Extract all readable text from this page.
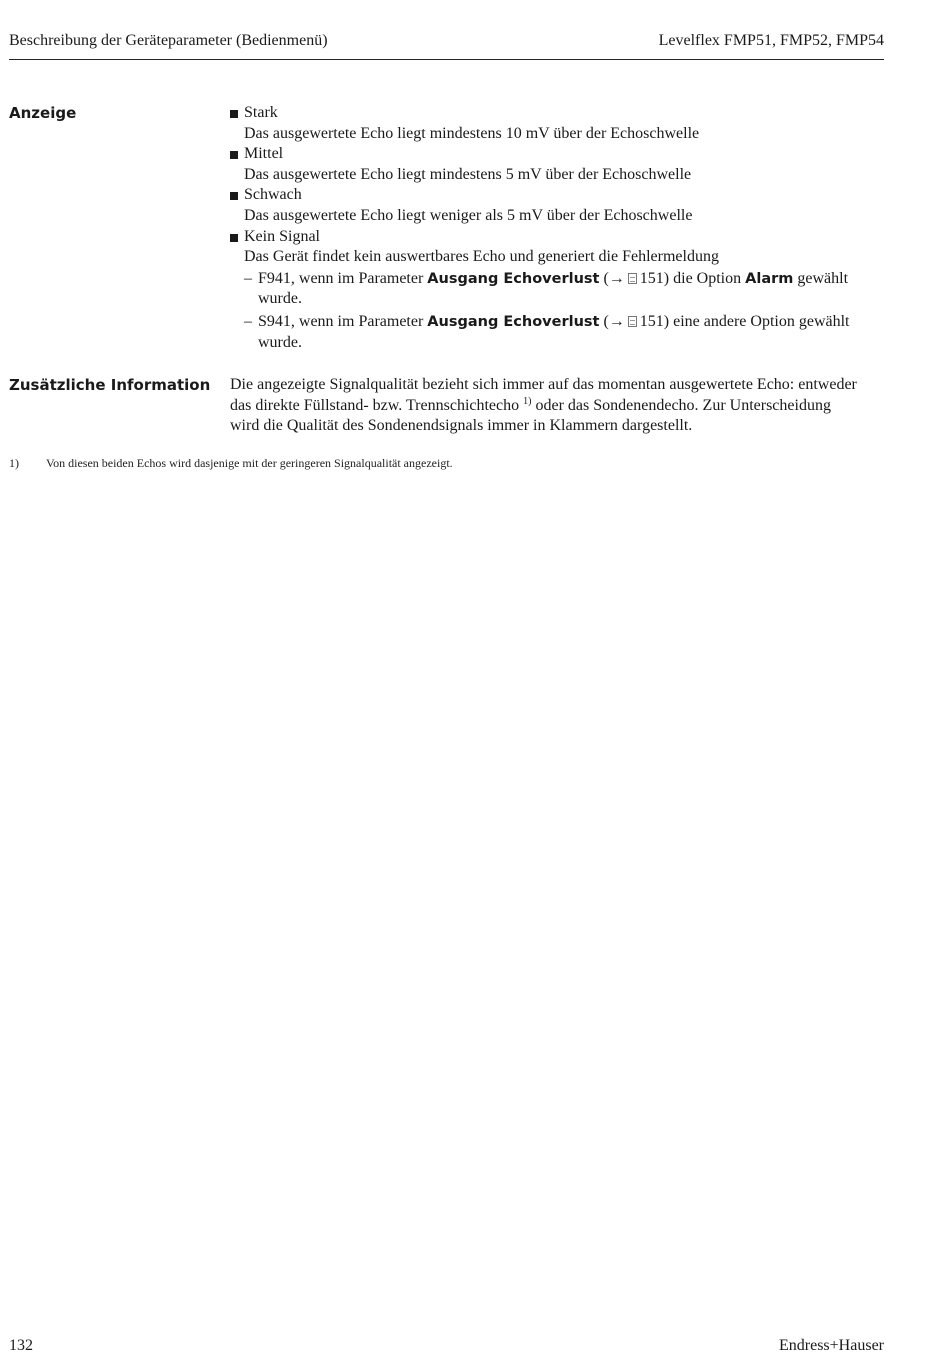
Beschreibung der Geräteparameter (Bedienmenü)	Levelflex FMP51, FMP52, FMP54
Anzeige	Stark
Das ausgewertete Echo liegt mindestens 10 mV über der Echoschwelle
Mittel
Das ausgewertete Echo liegt mindestens 5 mV über der Echoschwelle
Schwach
Das ausgewertete Echo liegt weniger als 5 mV über der Echoschwelle
Kein Signal
Das Gerät findet kein auswertbares Echo und generiert die Fehlermeldung
– F941, wenn im Parameter Ausgang Echoverlust (→ 151) die Option Alarm gewählt
wurde.
– S941, wenn im Parameter Ausgang Echoverlust (→ 151) eine andere Option gewählt
wurde.
Zusätzliche Information Die angezeigte Signalqualität bezieht sich immer auf das momentan ausgewertete Echo: entweder
das direkte Füllstand- bzw. Trennschichtecho $^{1)}$ oder das Sondenendecho. Zur Unterscheidung
wird die Qualität des Sondenendsignals immer in Klammern dargestellt.
1) Von diesen beiden Echos wird dasjenige mit der geringeren Signalqualität angezeigt.
132	Endress+Hauser
